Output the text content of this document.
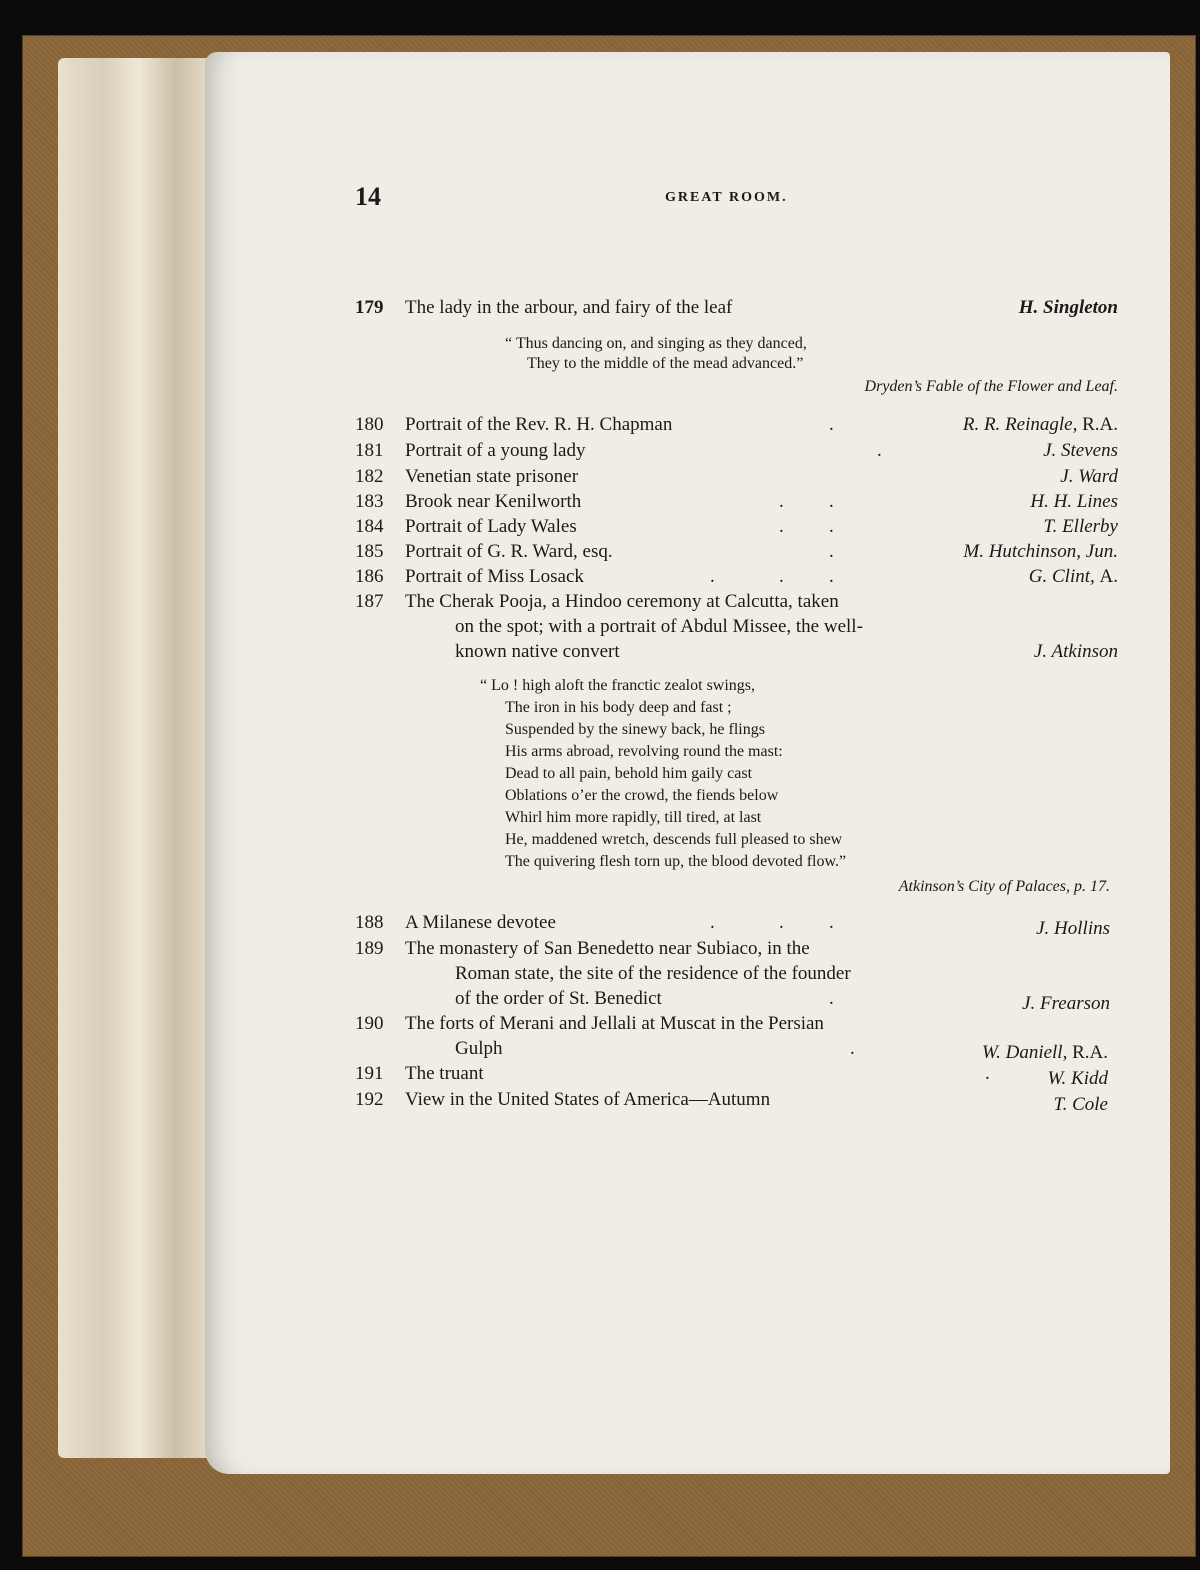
14	GREAT ROOM.
179 The lady in the arbour, and fairy of the leaf	H. Singleton
“ Thus dancing on, and singing as they danced,
They to the middle of the mead advanced.”
Dryden’s Fable of the Flower and Leaf.
180 Portrait of the Rev. R. H. Chapman	.	R. R. Reinagle, R.A.
181 Portrait of a young lady	.	J. Stevens
182 Venetian state prisoner	J. Ward
183 Brook near Kenilworth	. .	H. H. Lines
184 Portrait of Lady Wales	. .	T. Ellerby
185 Portrait of G. R. Ward, esq.	.	M. Hutchinson, Jun.
186 Portrait of Miss Losack	. . .	G. Clint, A.
187 The Cherak Pooja, a Hindoo ceremony at Calcutta, taken
on the spot; with a portrait of Abdul Missee, the well-
known native convert	J. Atkinson
“ Lo ! high aloft the franctic zealot swings,
The iron in his body deep and fast ;
Suspended by the sinewy back, he flings
His arms abroad, revolving round the mast:
Dead to all pain, behold him gaily cast
Oblations o’er the crowd, the fiends below
Whirl him more rapidly, till tired, at last
He, maddened wretch, descends full pleased to shew
The quivering flesh torn up, the blood devoted flow.”
Atkinson’s City of Palaces, p. 17.
188 A Milanese devotee	. . .	J. Hollins
189 The monastery of San Benedetto near Subiaco, in the
Roman state, the site of the residence of the founder
of the order of St. Benedict	.	J. Frearson
190 The forts of Merani and Jellali at Muscat in the Persian
Gulph	.	W. Daniell, R.A.
191 The truant	. W. Kidd
192 View in the United States of America—Autumn	T. Cole
